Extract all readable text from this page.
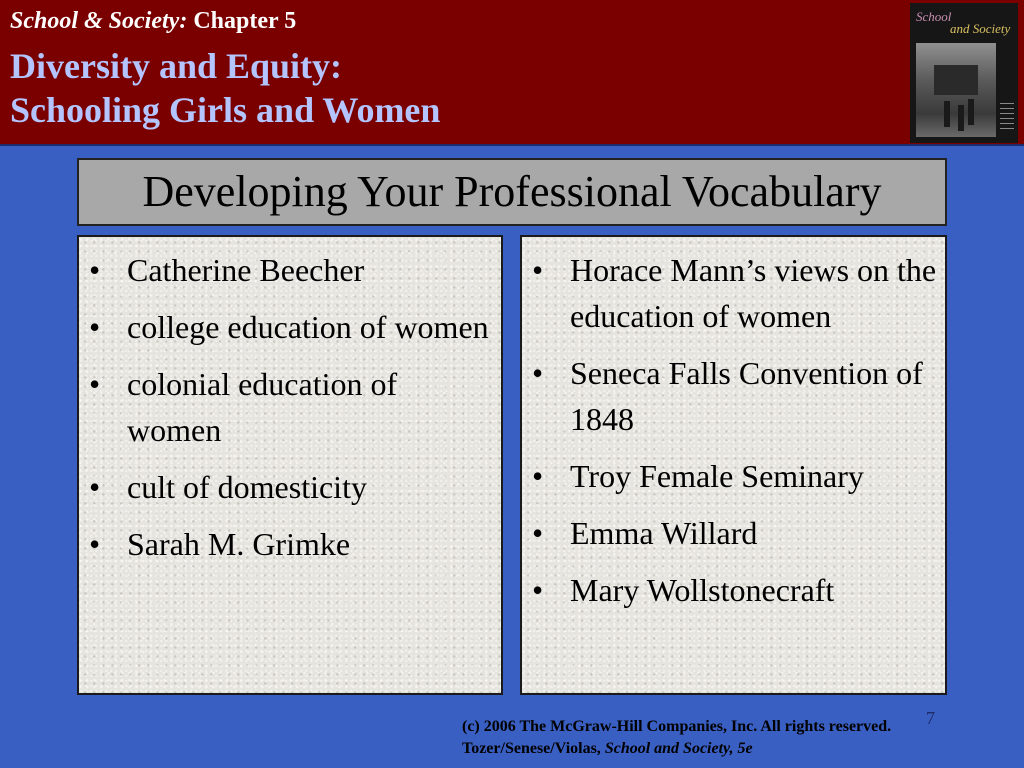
School & Society: Chapter 5
Diversity and Equity:
Schooling Girls and Women
School
and Society
Developing Your Professional Vocabulary
• Catherine Beecher
• college education of women
• colonial education of women
• cult of domesticity
• Sarah M. Grimke
• Horace Mann’s views on the education of women
• Seneca Falls Convention of 1848
• Troy Female Seminary
• Emma Willard
• Mary Wollstonecraft
7
(c) 2006 The McGraw-Hill Companies, Inc. All rights reserved.
Tozer/Senese/Violas, School and Society, 5e
